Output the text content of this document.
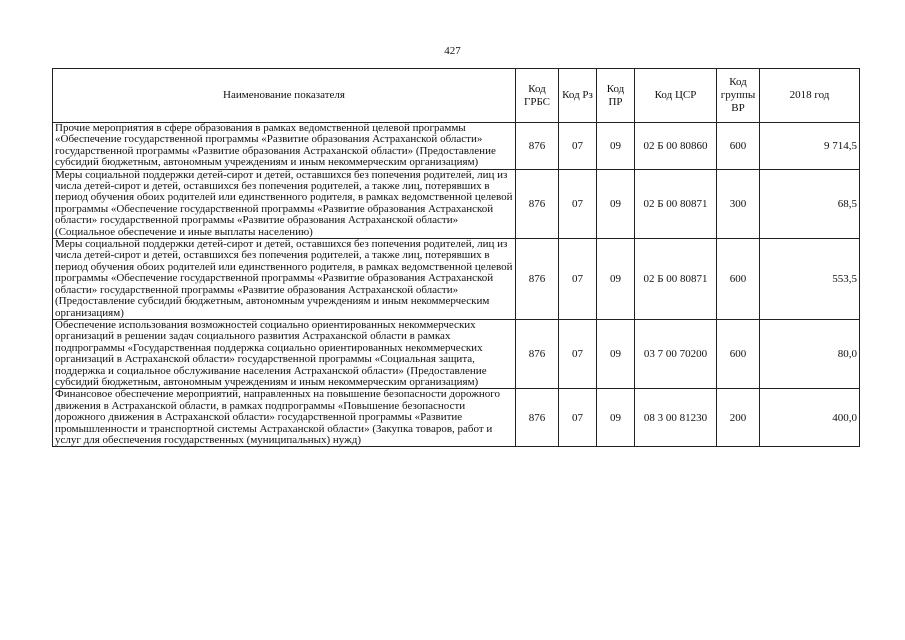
427
Наименование показателя	Код ГРБС	Код Рз	Код ПР	Код ЦСР	Код группы ВР	2018 год
Прочие мероприятия в сфере образования в рамках ведомственной целевой программы «Обеспечение государственной программы «Развитие образования Астраханской области» государственной программы «Развитие образования Астраханской области» (Предоставление субсидий бюджетным, автономным учреждениям и иным некоммерческим организациям)	876	07	09	02 Б 00 80860	600	9 714,5
Меры социальной поддержки детей-сирот и детей, оставшихся без попечения родителей, лиц из числа детей-сирот и детей, оставшихся без попечения родителей, а также лиц, потерявших в период обучения обоих родителей или единственного родителя, в рамках ведомственной целевой программы «Обеспечение государственной программы «Развитие образования Астраханской области» государственной программы «Развитие образования Астраханской области» (Социальное обеспечение и иные выплаты населению)	876	07	09	02 Б 00 80871	300	68,5
Меры социальной поддержки детей-сирот и детей, оставшихся без попечения родителей, лиц из числа детей-сирот и детей, оставшихся без попечения родителей, а также лиц, потерявших в период обучения обоих родителей или единственного родителя, в рамках ведомственной целевой программы «Обеспечение государственной программы «Развитие образования Астраханской области» государственной программы «Развитие образования Астраханской области» (Предоставление субсидий бюджетным, автономным учреждениям и иным некоммерческим организациям)	876	07	09	02 Б 00 80871	600	553,5
Обеспечение использования возможностей социально ориентированных некоммерческих организаций в решении задач социального развития Астраханской области в рамках подпрограммы «Государственная поддержка социально ориентированных некоммерческих организаций в Астраханской области» государственной программы «Социальная защита, поддержка и социальное обслуживание населения Астраханской области» (Предоставление субсидий бюджетным, автономным учреждениям и иным некоммерческим организациям)	876	07	09	03 7 00 70200	600	80,0
Финансовое обеспечение мероприятий, направленных на повышение безопасности дорожного движения в Астраханской области, в рамках подпрограммы «Повышение безопасности дорожного движения в Астраханской области» государственной программы «Развитие промышленности и транспортной системы Астраханской области» (Закупка товаров, работ и услуг для обеспечения государственных (муниципальных) нужд)	876	07	09	08 3 00 81230	200	400,0
